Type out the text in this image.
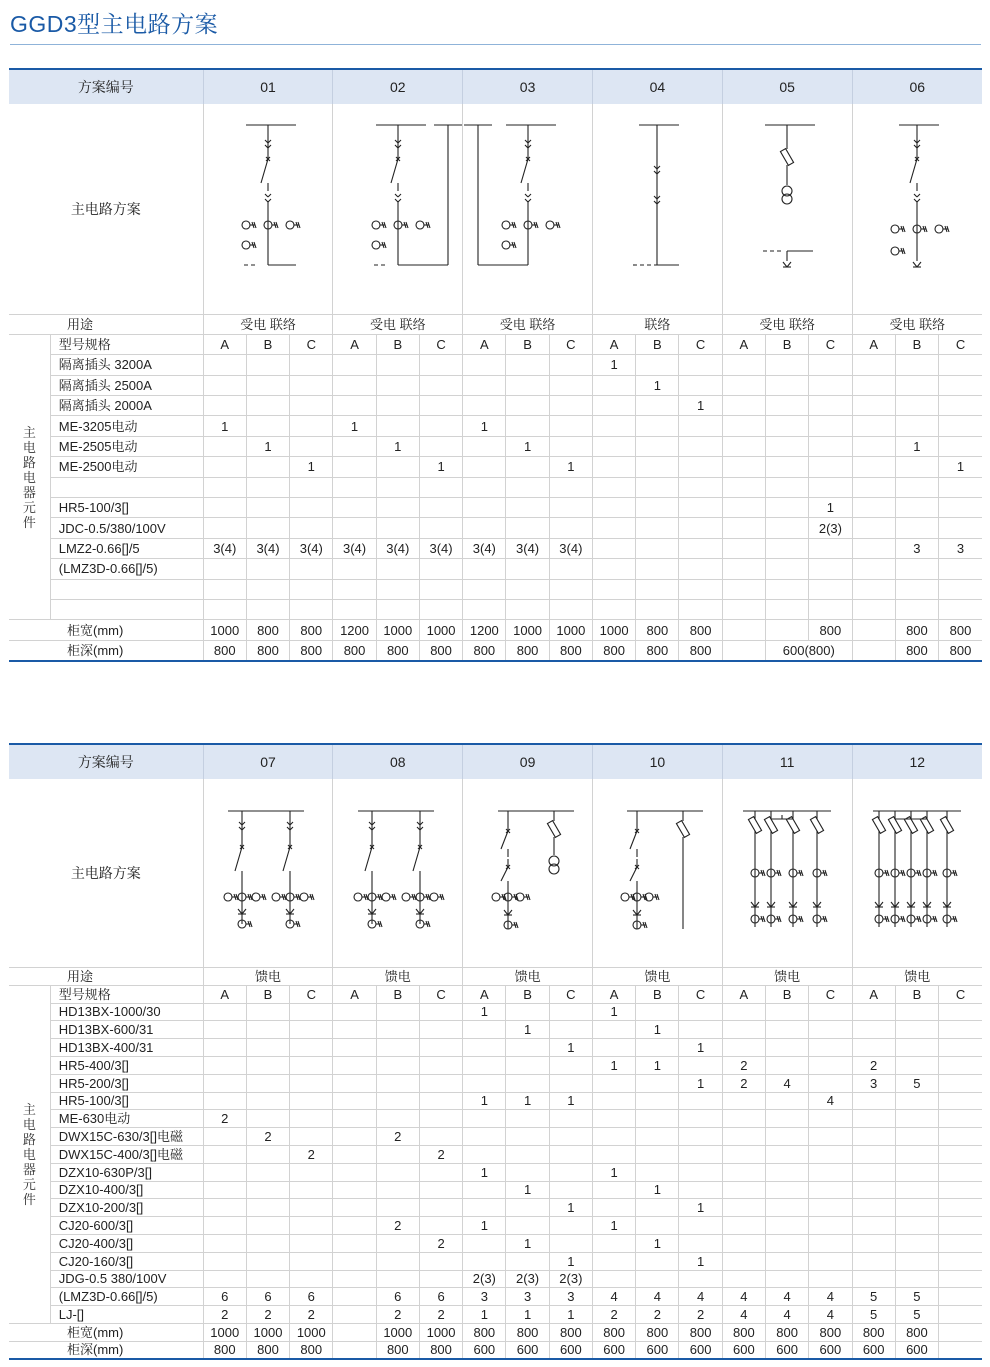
GGD3型主电路方案
方案编号		01			02			03			04			05			06		
主电路方案						
用途		受电 联络			受电 联络			受电 联络			联络			受电 联络			受电 联络		

主电路电器元件	型号规格	A	B	C	A	B	C	A	B	C	A	B	C	A	B	C	A	B	C
	隔离插头 3200A										1								
	隔离插头 2500A											1							
	隔离插头 2000A												1						
	ME-3205电动	1			1			1											
	ME-2505电动		1			1			1									1	
	ME-2500电动			1			1			1									1

	HR5-100/3[]															1			
	JDC-0.5/380/100V															2(3)			
	LMZ2-0.66[]/5	3(4)	3(4)	3(4)	3(4)	3(4)	3(4)	3(4)	3(4)	3(4)								3	3
	(LMZ3D-0.66[]/5)																		

柜宽(mm)		1000	800	800	1200	1000	1000	1200	1000	1000	1000	800	800			800		800	800
柜深(mm)		800	800	800	800	800	800	800	800	800	800	800	800		600(800)			800	800
方案编号		07			08			09			10			11			12		
主电路方案						
用途		馈电			馈电			馈电			馈电			馈电			馈电		

主电路电器元件	型号规格	A	B	C	A	B	C	A	B	C	A	B	C	A	B	C	A	B	C
	HD13BX-1000/30							1			1								
	HD13BX-600/31								1			1							
	HD13BX-400/31									1			1						
	HR5-400/3[]										1	1		2			2		
	HR5-200/3[]												1	2	4		3	5	
	HR5-100/3[]							1	1	1						4			
	ME-630电动	2																	
	DWX15C-630/3[]电磁		2			2													
	DWX15C-400/3[]电磁			2			2												
	DZX10-630P/3[]							1			1								
	DZX10-400/3[]								1			1							
	DZX10-200/3[]									1			1						
	CJ20-600/3[]					2		1			1								
	CJ20-400/3[]						2		1			1							
	CJ20-160/3[]									1			1						
	JDG-0.5 380/100V							2(3)	2(3)	2(3)									
	(LMZ3D-0.66[]/5)	6	6	6		6	6	3	3	3	4	4	4	4	4	4	5	5	
	LJ-[]	2	2	2		2	2	1	1	1	2	2	2	4	4	4	5	5	
柜宽(mm)		1000	1000	1000		1000	1000	800	800	800	800	800	800	800	800	800	800	800	
柜深(mm)		800	800	800		800	800	600	600	600	600	600	600	600	600	600	600	600	
